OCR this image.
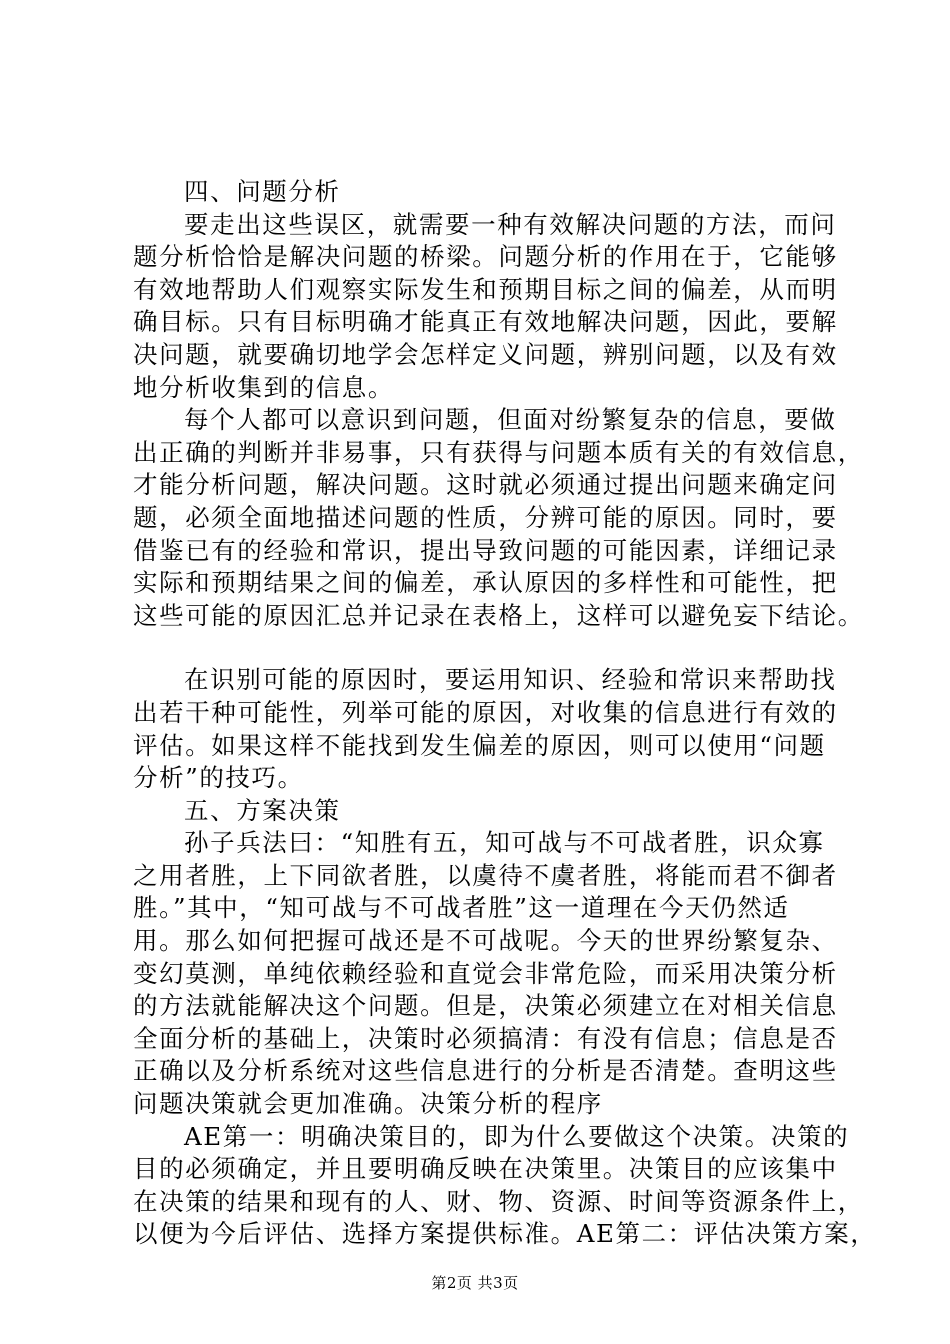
四、问题分析
要走出这些误区，就需要一种有效解决问题的方法，而问
题分析恰恰是解决问题的桥梁。问题分析的作用在于，它能够
有效地帮助人们观察实际发生和预期目标之间的偏差，从而明
确目标。只有目标明确才能真正有效地解决问题，因此，要解
决问题，就要确切地学会怎样定义问题，辨别问题，以及有效
地分析收集到的信息。
每个人都可以意识到问题，但面对纷繁复杂的信息，要做
出正确的判断并非易事，只有获得与问题本质有关的有效信息，
才能分析问题，解决问题。这时就必须通过提出问题来确定问
题，必须全面地描述问题的性质，分辨可能的原因。同时，要
借鉴已有的经验和常识，提出导致问题的可能因素，详细记录
实际和预期结果之间的偏差，承认原因的多样性和可能性，把
这些可能的原因汇总并记录在表格上，这样可以避免妄下结论。
在识别可能的原因时，要运用知识、经验和常识来帮助找
出若干种可能性，列举可能的原因，对收集的信息进行有效的
评估。如果这样不能找到发生偏差的原因，则可以使用“问题
分析”的技巧。
五、方案决策
孙子兵法曰：“知胜有五，知可战与不可战者胜，识众寡
之用者胜，上下同欲者胜，以虞待不虞者胜，将能而君不御者
胜。”其中，“知可战与不可战者胜”这一道理在今天仍然适
用。那么如何把握可战还是不可战呢。今天的世界纷繁复杂、
变幻莫测，单纯依赖经验和直觉会非常危险，而采用决策分析
的方法就能解决这个问题。但是，决策必须建立在对相关信息
全面分析的基础上，决策时必须搞清：有没有信息；信息是否
正确以及分析系统对这些信息进行的分析是否清楚。查明这些
问题决策就会更加准确。决策分析的程序
AE第一：明确决策目的，即为什么要做这个决策。决策的
目的必须确定，并且要明确反映在决策里。决策目的应该集中
在决策的结果和现有的人、财、物、资源、时间等资源条件上，
以便为今后评估、选择方案提供标准。AE第二：评估决策方案，
第2页 共3页
